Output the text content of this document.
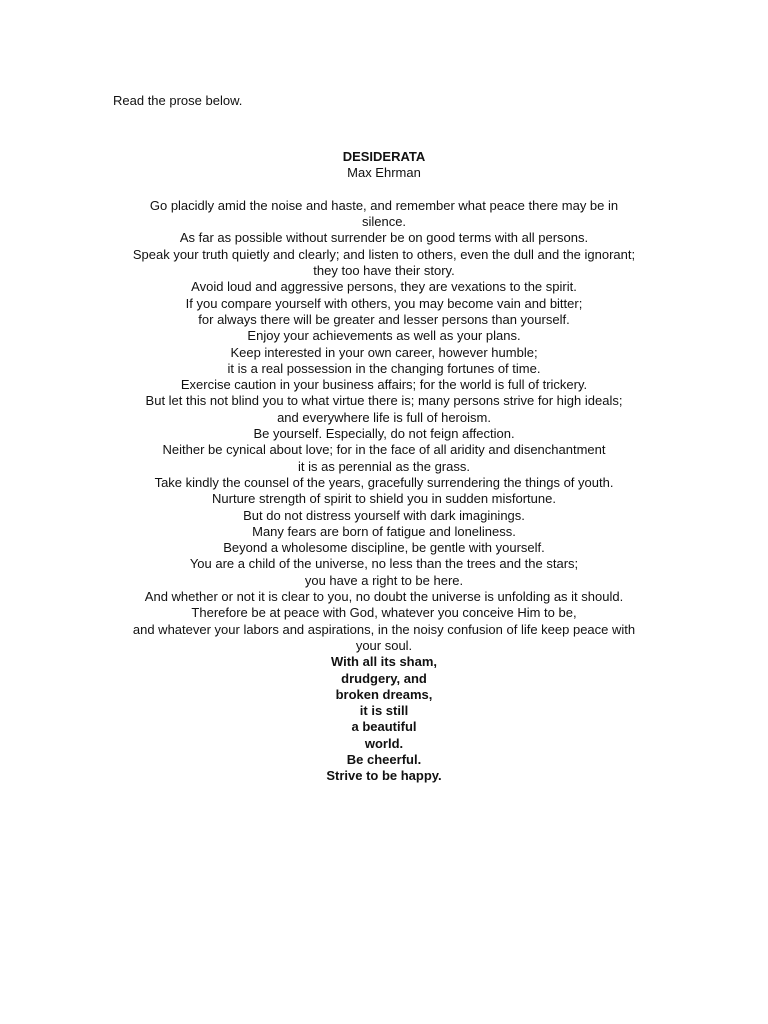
Read the prose below.

DESIDERATA
Max Ehrman
Go placidly amid the noise and haste, and remember what peace there may be in
silence.
As far as possible without surrender be on good terms with all persons.
Speak your truth quietly and clearly; and listen to others, even the dull and the ignorant;
they too have their story.
Avoid loud and aggressive persons, they are vexations to the spirit.
If you compare yourself with others, you may become vain and bitter;
for always there will be greater and lesser persons than yourself.
Enjoy your achievements as well as your plans.
Keep interested in your own career, however humble;
it is a real possession in the changing fortunes of time.
Exercise caution in your business affairs; for the world is full of trickery.
But let this not blind you to what virtue there is; many persons strive for high ideals;
and everywhere life is full of heroism.
Be yourself. Especially, do not feign affection.
Neither be cynical about love; for in the face of all aridity and disenchantment
it is as perennial as the grass.
Take kindly the counsel of the years, gracefully surrendering the things of youth.
Nurture strength of spirit to shield you in sudden misfortune.
But do not distress yourself with dark imaginings.
Many fears are born of fatigue and loneliness.
Beyond a wholesome discipline, be gentle with yourself.
You are a child of the universe, no less than the trees and the stars;
you have a right to be here.
And whether or not it is clear to you, no doubt the universe is unfolding as it should.
Therefore be at peace with God, whatever you conceive Him to be,
and whatever your labors and aspirations, in the noisy confusion of life keep peace with
your soul.
With all its sham,
drudgery, and
broken dreams,
it is still
a beautiful
world.
Be cheerful.
Strive to be happy.
